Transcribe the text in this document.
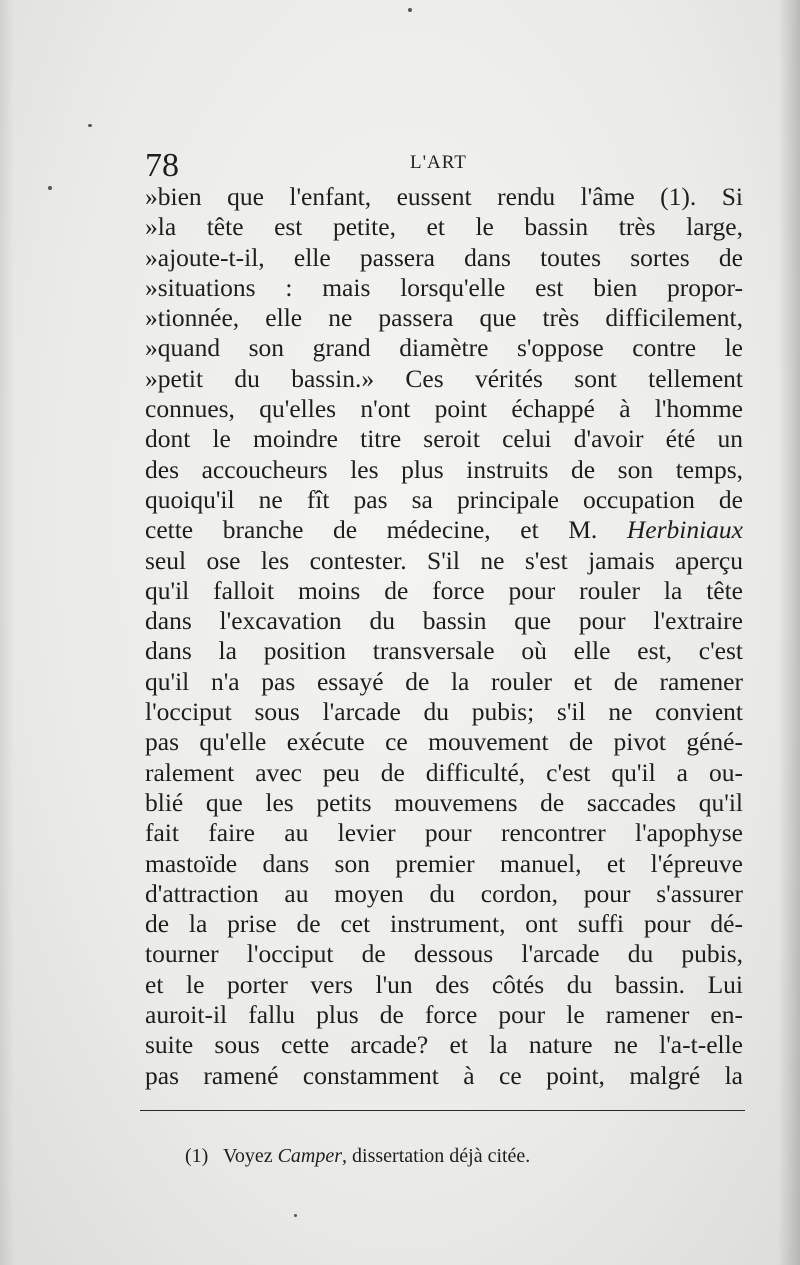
78	L'ART
»bien que l'enfant, eussent rendu l'âme (1). Si
»la tête est petite, et le bassin très large,
»ajoute-t-il, elle passera dans toutes sortes de
»situations : mais lorsqu'elle est bien propor-
»tionnée, elle ne passera que très difficilement,
»quand son grand diamètre s'oppose contre le
»petit du bassin.» Ces vérités sont tellement
connues, qu'elles n'ont point échappé à l'homme
dont le moindre titre seroit celui d'avoir été un
des accoucheurs les plus instruits de son temps,
quoiqu'il ne fît pas sa principale occupation de
cette branche de médecine, et M. Herbiniaux
seul ose les contester. S'il ne s'est jamais aperçu
qu'il falloit moins de force pour rouler la tête
dans l'excavation du bassin que pour l'extraire
dans la position transversale où elle est, c'est
qu'il n'a pas essayé de la rouler et de ramener
l'occiput sous l'arcade du pubis; s'il ne convient
pas qu'elle exécute ce mouvement de pivot géné-
ralement avec peu de difficulté, c'est qu'il a ou-
blié que les petits mouvemens de saccades qu'il
fait faire au levier pour rencontrer l'apophyse
mastoïde dans son premier manuel, et l'épreuve
d'attraction au moyen du cordon, pour s'assurer
de la prise de cet instrument, ont suffi pour dé-
tourner l'occiput de dessous l'arcade du pubis,
et le porter vers l'un des côtés du bassin. Lui
auroit-il fallu plus de force pour le ramener en-
suite sous cette arcade? et la nature ne l'a-t-elle
pas ramené constamment à ce point, malgré la
(1) Voyez Camper, dissertation déjà citée.
